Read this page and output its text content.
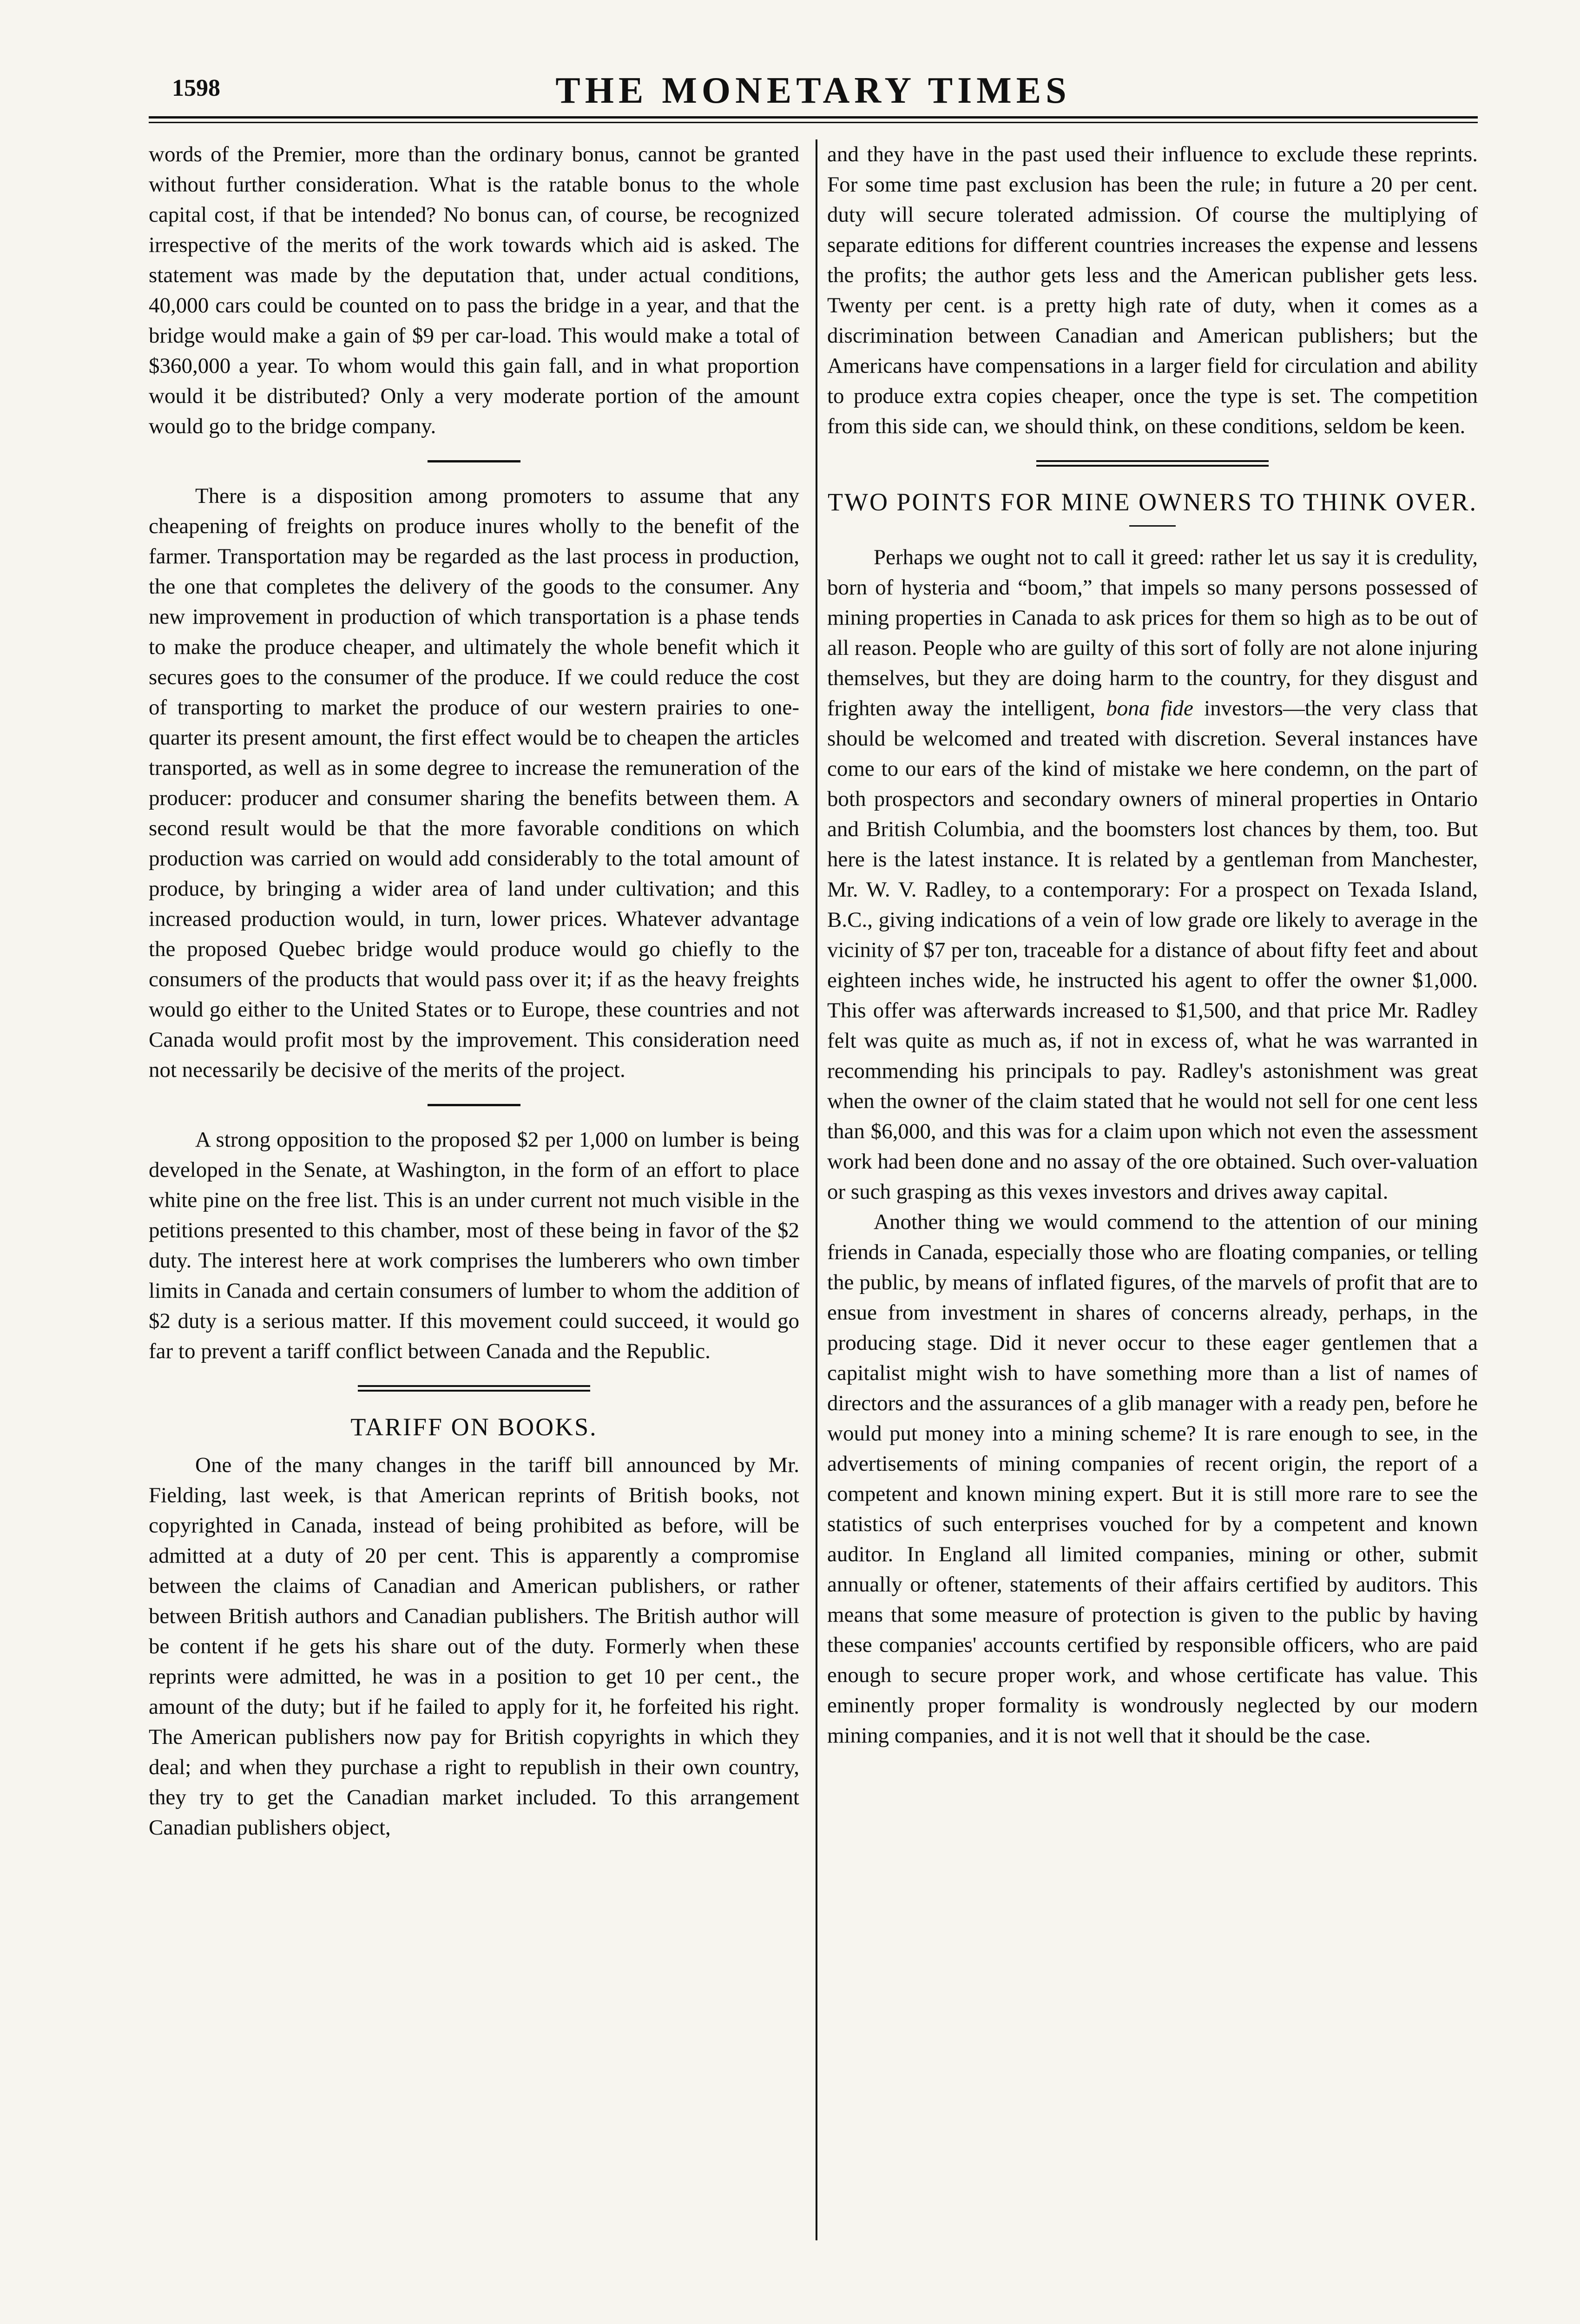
1598	THE MONETARY TIMES

words of the Premier, more than the ordinary bonus, cannot be granted without further consideration. What is the ratable bonus to the whole capital cost, if that be intended? No bonus can, of course, be recognized irrespective of the merits of the work towards which aid is asked. The statement was made by the deputation that, under actual conditions, 40,000 cars could be counted on to pass the bridge in a year, and that the bridge would make a gain of $9 per car-load. This would make a total of $360,000 a year. To whom would this gain fall, and in what proportion would it be distributed? Only a very moderate portion of the amount would go to the bridge company.

There is a disposition among promoters to assume that any cheapening of freights on produce inures wholly to the benefit of the farmer. Transportation may be regarded as the last process in production, the one that completes the delivery of the goods to the consumer. Any new improvement in production of which transportation is a phase tends to make the produce cheaper, and ultimately the whole benefit which it secures goes to the consumer of the produce. If we could reduce the cost of transporting to market the produce of our western prairies to one-quarter its present amount, the first effect would be to cheapen the articles transported, as well as in some degree to increase the remuneration of the producer: producer and consumer sharing the benefits between them. A second result would be that the more favorable conditions on which production was carried on would add considerably to the total amount of produce, by bringing a wider area of land under cultivation; and this increased production would, in turn, lower prices. Whatever advantage the proposed Quebec bridge would produce would go chiefly to the consumers of the products that would pass over it; if as the heavy freights would go either to the United States or to Europe, these countries and not Canada would profit most by the improvement. This consideration need not necessarily be decisive of the merits of the project.

A strong opposition to the proposed $2 per 1,000 on lumber is being developed in the Senate, at Washington, in the form of an effort to place white pine on the free list. This is an under current not much visible in the petitions presented to this chamber, most of these being in favor of the $2 duty. The interest here at work comprises the lumberers who own timber limits in Canada and certain consumers of lumber to whom the addition of $2 duty is a serious matter. If this movement could succeed, it would go far to prevent a tariff conflict between Canada and the Republic.

TARIFF ON BOOKS.

One of the many changes in the tariff bill announced by Mr. Fielding, last week, is that American reprints of British books, not copyrighted in Canada, instead of being prohibited as before, will be admitted at a duty of 20 per cent. This is apparently a compromise between the claims of Canadian and American publishers, or rather between British authors and Canadian publishers. The British author will be content if he gets his share out of the duty. Formerly when these reprints were admitted, he was in a position to get 10 per cent., the amount of the duty; but if he failed to apply for it, he forfeited his right. The American publishers now pay for British copyrights in which they deal; and when they purchase a right to republish in their own country, they try to get the Canadian market included. To this arrangement Canadian publishers object,

and they have in the past used their influence to exclude these reprints. For some time past exclusion has been the rule; in future a 20 per cent. duty will secure tolerated admission. Of course the multiplying of separate editions for different countries increases the expense and lessens the profits; the author gets less and the American publisher gets less. Twenty per cent. is a pretty high rate of duty, when it comes as a discrimination between Canadian and American publishers; but the Americans have compensations in a larger field for circulation and ability to produce extra copies cheaper, once the type is set. The competition from this side can, we should think, on these conditions, seldom be keen.

TWO POINTS FOR MINE OWNERS TO THINK OVER.

Perhaps we ought not to call it greed: rather let us say it is credulity, born of hysteria and “boom,” that impels so many persons possessed of mining properties in Canada to ask prices for them so high as to be out of all reason. People who are guilty of this sort of folly are not alone injuring themselves, but they are doing harm to the country, for they disgust and frighten away the intelligent, bona fide investors—the very class that should be welcomed and treated with discretion. Several instances have come to our ears of the kind of mistake we here condemn, on the part of both prospectors and secondary owners of mineral properties in Ontario and British Columbia, and the boomsters lost chances by them, too. But here is the latest instance. It is related by a gentleman from Manchester, Mr. W. V. Radley, to a contemporary: For a prospect on Texada Island, B.C., giving indications of a vein of low grade ore likely to average in the vicinity of $7 per ton, traceable for a distance of about fifty feet and about eighteen inches wide, he instructed his agent to offer the owner $1,000. This offer was afterwards increased to $1,500, and that price Mr. Radley felt was quite as much as, if not in excess of, what he was warranted in recommending his principals to pay. Radley's astonishment was great when the owner of the claim stated that he would not sell for one cent less than $6,000, and this was for a claim upon which not even the assessment work had been done and no assay of the ore obtained. Such over-valuation or such grasping as this vexes investors and drives away capital.

Another thing we would commend to the attention of our mining friends in Canada, especially those who are floating companies, or telling the public, by means of inflated figures, of the marvels of profit that are to ensue from investment in shares of concerns already, perhaps, in the producing stage. Did it never occur to these eager gentlemen that a capitalist might wish to have something more than a list of names of directors and the assurances of a glib manager with a ready pen, before he would put money into a mining scheme? It is rare enough to see, in the advertisements of mining companies of recent origin, the report of a competent and known mining expert. But it is still more rare to see the statistics of such enterprises vouched for by a competent and known auditor. In England all limited companies, mining or other, submit annually or oftener, statements of their affairs certified by auditors. This means that some measure of protection is given to the public by having these companies' accounts certified by responsible officers, who are paid enough to secure proper work, and whose certificate has value. This eminently proper formality is wondrously neglected by our modern mining companies, and it is not well that it should be the case.
